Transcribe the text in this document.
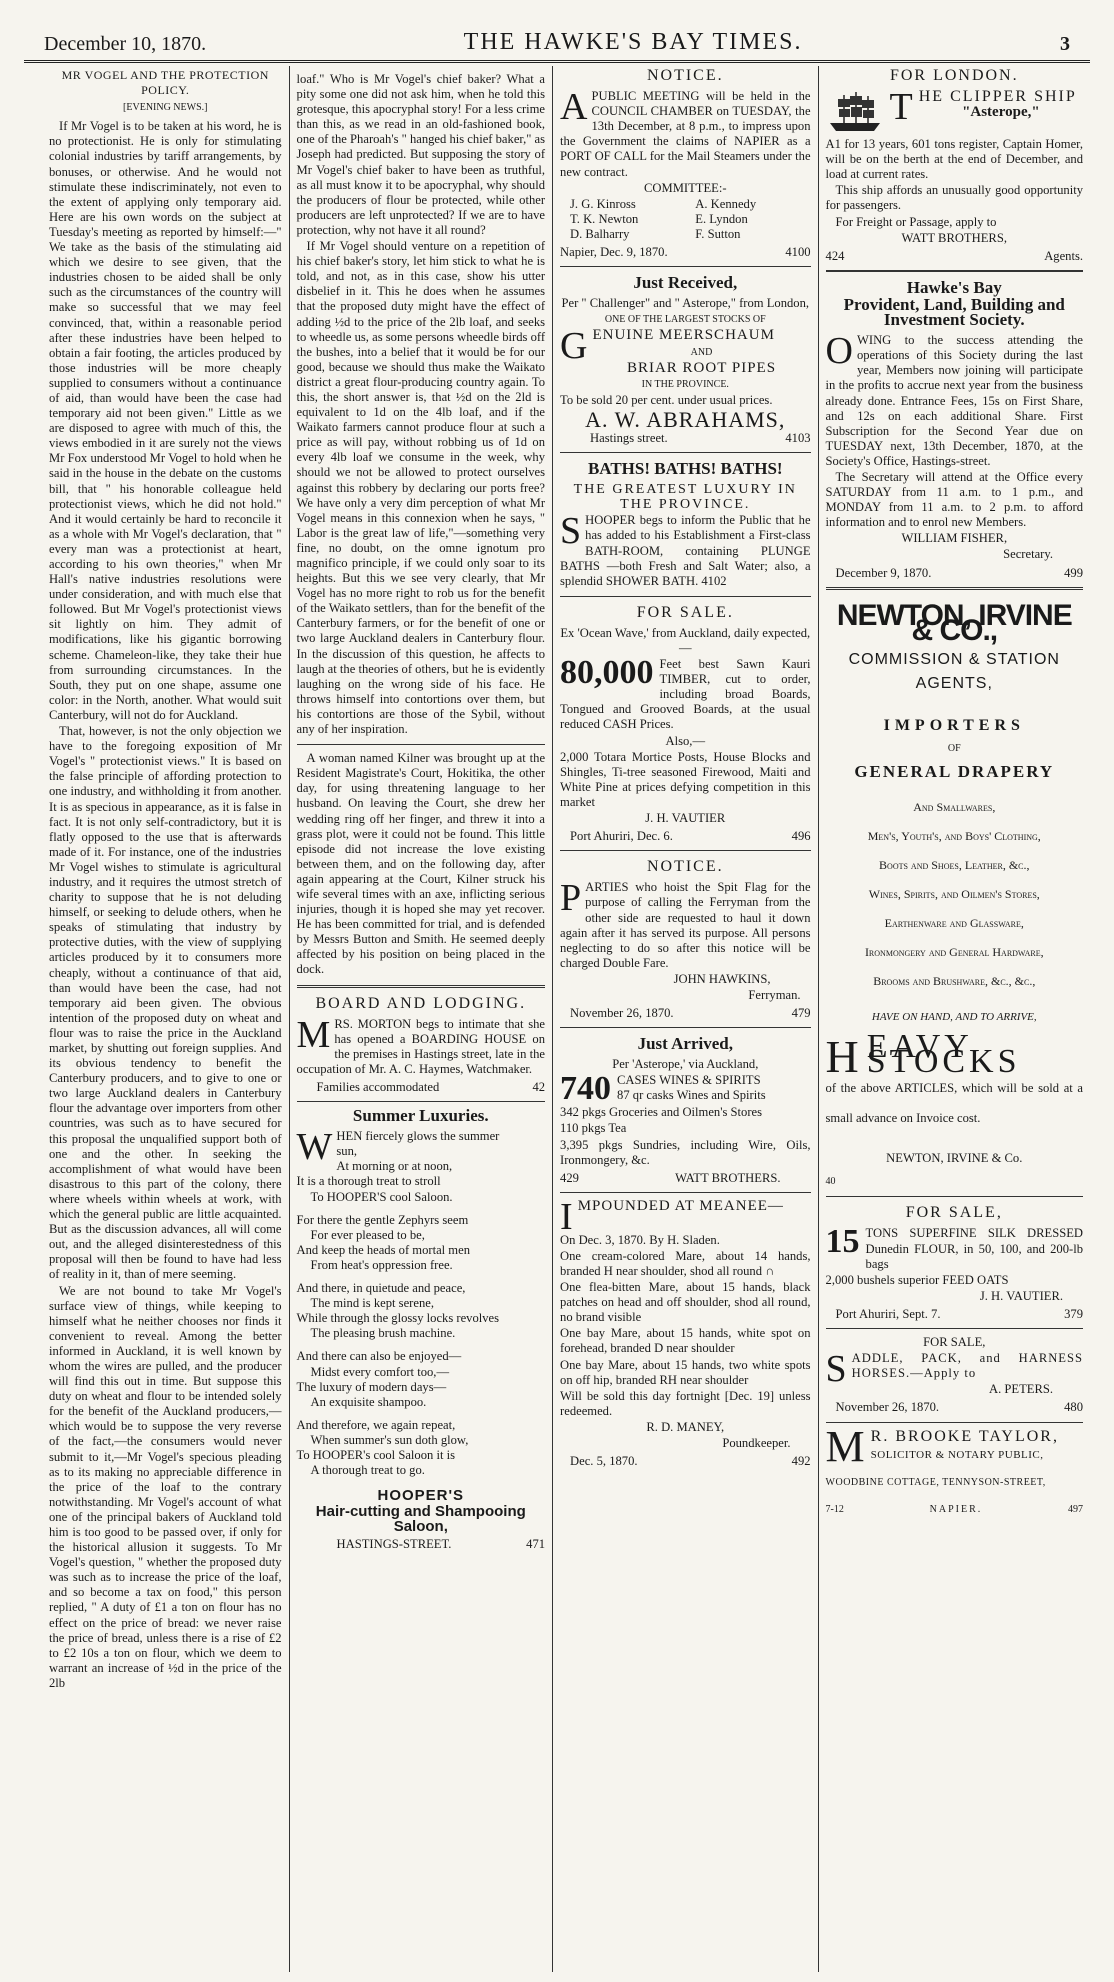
December 10, 1870.	THE HAWKE'S BAY TIMES.	3

MR VOGEL AND THE PROTECTION POLICY.

[EVENING NEWS.]

If Mr Vogel is to be taken at his word, he is no protectionist. He is only for stimulating colonial industries by tariff arrangements, by bonuses, or otherwise. And he would not stimulate these indiscriminately, not even to the extent of applying only temporary aid. Here are his own words on the subject at Tuesday's meeting as reported by himself:—" We take as the basis of the stimulating aid which we desire to see given, that the industries chosen to be aided shall be only such as the circumstances of the country will make so successful that we may feel convinced, that, within a reasonable period after these industries have been helped to obtain a fair footing, the articles produced by those industries will be more cheaply supplied to consumers without a continuance of aid, than would have been the case had temporary aid not been given." Little as we are disposed to agree with much of this, the views embodied in it are surely not the views Mr Fox understood Mr Vogel to hold when he said in the house in the debate on the customs bill, that " his honorable colleague held protectionist views, which he did not hold." And it would certainly be hard to reconcile it as a whole with Mr Vogel's declaration, that " every man was a protectionist at heart, according to his own theories," when Mr Hall's native industries resolutions were under consideration, and with much else that followed. But Mr Vogel's protectionist views sit lightly on him. They admit of modifications, like his gigantic borrowing scheme. Chameleon-like, they take their hue from surrounding circumstances. In the South, they put on one shape, assume one color: in the North, another. What would suit Canterbury, will not do for Auckland.

That, however, is not the only objection we have to the foregoing exposition of Mr Vogel's " protectionist views." It is based on the false principle of affording protection to one industry, and withholding it from another. It is as specious in appearance, as it is false in fact. It is not only self-contradictory, but it is flatly opposed to the use that is afterwards made of it. For instance, one of the industries Mr Vogel wishes to stimulate is agricultural industry, and it requires the utmost stretch of charity to suppose that he is not deluding himself, or seeking to delude others, when he speaks of stimulating that industry by protective duties, with the view of supplying articles produced by it to consumers more cheaply, without a continuance of that aid, than would have been the case, had not temporary aid been given. The obvious intention of the proposed duty on wheat and flour was to raise the price in the Auckland market, by shutting out foreign supplies. And its obvious tendency to benefit the Canterbury producers, and to give to one or two large Auckland dealers in Canterbury flour the advantage over importers from other countries, was such as to have secured for this proposal the unqualified support both of one and the other. In seeking the accomplishment of what would have been disastrous to this part of the colony, there where wheels within wheels at work, with which the general public are little acquainted. But as the discussion advances, all will come out, and the alleged disinterestedness of this proposal will then be found to have had less of reality in it, than of mere seeming.

We are not bound to take Mr Vogel's surface view of things, while keeping to himself what he neither chooses nor finds it convenient to reveal. Among the better informed in Auckland, it is well known by whom the wires are pulled, and the producer will find this out in time. But suppose this duty on wheat and flour to be intended solely for the benefit of the Auckland producers,—which would be to suppose the very reverse of the fact,—the consumers would never submit to it,—Mr Vogel's specious pleading as to its making no appreciable difference in the price of the loaf to the contrary notwithstanding. Mr Vogel's account of what one of the principal bakers of Auckland told him is too good to be passed over, if only for the historical allusion it suggests. To Mr Vogel's question, " whether the proposed duty was such as to increase the price of the loaf, and so become a tax on food," this person replied, " A duty of £1 a ton on flour has no effect on the price of bread: we never raise the price of bread, unless there is a rise of £2 to £2 10s a ton on flour, which we deem to warrant an increase of ½d in the price of the 2lb

loaf." Who is Mr Vogel's chief baker? What a pity some one did not ask him, when he told this grotesque, this apocryphal story! For a less crime than this, as we read in an old-fashioned book, one of the Pharoah's " hanged his chief baker," as Joseph had predicted. But supposing the story of Mr Vogel's chief baker to have been as truthful, as all must know it to be apocryphal, why should the producers of flour be protected, while other producers are left unprotected? If we are to have protection, why not have it all round?

If Mr Vogel should venture on a repetition of his chief baker's story, let him stick to what he is told, and not, as in this case, show his utter disbelief in it. This he does when he assumes that the proposed duty might have the effect of adding ½d to the price of the 2lb loaf, and seeks to wheedle us, as some persons wheedle birds off the bushes, into a belief that it would be for our good, because we should thus make the Waikato district a great flour-producing country again. To this, the short answer is, that ½d on the 2ld is equivalent to 1d on the 4lb loaf, and if the Waikato farmers cannot produce flour at such a price as will pay, without robbing us of 1d on every 4lb loaf we consume in the week, why should we not be allowed to protect ourselves against this robbery by declaring our ports free? We have only a very dim perception of what Mr Vogel means in this connexion when he says, " Labor is the great law of life,"—something very fine, no doubt, on the omne ignotum pro magnifico principle, if we could only soar to its heights. But this we see very clearly, that Mr Vogel has no more right to rob us for the benefit of the Waikato settlers, than for the benefit of the Canterbury farmers, or for the benefit of one or two large Auckland dealers in Canterbury flour. In the discussion of this question, he affects to laugh at the theories of others, but he is evidently laughing on the wrong side of his face. He throws himself into contortions over them, but his contortions are those of the Sybil, without any of her inspiration.

A woman named Kilner was brought up at the Resident Magistrate's Court, Hokitika, the other day, for using threatening language to her husband. On leaving the Court, she drew her wedding ring off her finger, and threw it into a grass plot, were it could not be found. This little episode did not increase the love existing between them, and on the following day, after again appearing at the Court, Kilner struck his wife several times with an axe, inflicting serious injuries, though it is hoped she may yet recover. He has been committed for trial, and is defended by Messrs Button and Smith. He seemed deeply affected by his position on being placed in the dock.

BOARD AND LODGING.

MRS. MORTON begs to intimate that she has opened a BOARDING HOUSE on the premises in Hastings street, late in the occupation of Mr. A. C. Haymes, Watchmaker.

Families accommodated	42

Summer Luxuries.

W HEN fiercely glows the summer

sun,

At morning or at noon,

It is a thorough treat to stroll

To HOOPER'S cool Saloon.

For there the gentle Zephyrs seem

For ever pleased to be,

And keep the heads of mortal men

From heat's oppression free.

And there, in quietude and peace,

The mind is kept serene,

While through the glossy locks revolves

The pleasing brush machine.

And there can also be enjoyed—

Midst every comfort too,—

The luxury of modern days—

An exquisite shampoo.

And therefore, we again repeat,

When summer's sun doth glow,

To HOOPER's cool Saloon it is

A thorough treat to go.

HOOPER'S

Hair-cutting and Shampooing Saloon,

HASTINGS-STREET.	471

NOTICE.

APUBLIC MEETING will be held in the COUNCIL CHAMBER on TUESDAY, the 13th December, at 8 p.m., to impress upon the Government the claims of NAPIER as a PORT OF CALL for the Mail Steamers under the new contract.

COMMITTEE:-

J. G. Kinross	A. Kennedy
T. K. Newton	E. Lyndon
D. Balharry	F. Sutton
Napier, Dec. 9, 1870.	4100

Just Received,

Per " Challenger" and " Asterope," from London,

ONE OF THE LARGEST STOCKS OF

GENUINE MEERSCHAUM

AND

BRIAR ROOT PIPES

IN THE PROVINCE.

To be sold 20 per cent. under usual prices.

A. W. ABRAHAMS,

Hastings street.	4103

BATHS! BATHS! BATHS!

THE GREATEST LUXURY IN THE PROVINCE.

SHOOPER begs to inform the Public that he has added to his Establishment a First-class BATH-ROOM, containing PLUNGE BATHS —both Fresh and Salt Water; also, a splendid SHOWER BATH. 4102

FOR SALE.

Ex 'Ocean Wave,' from Auckland, daily expected,—

80,000 Feet best Sawn Kauri TIMBER, cut to order, including broad Boards, Tongued and Grooved Boards, at the usual reduced CASH Prices.

Also,—

2,000 Totara Mortice Posts, House Blocks and Shingles, Ti-tree seasoned Firewood, Maiti and White Pine at prices defying competition in this market

J. H. VAUTIER

Port Ahuriri, Dec. 6.	496

NOTICE.

PARTIES who hoist the Spit Flag for the purpose of calling the Ferryman from the other side are requested to haul it down again after it has served its purpose. All persons neglecting to do so after this notice will be charged Double Fare.

JOHN HAWKINS,

Ferryman.

November 26, 1870.	479

Just Arrived,

Per 'Asterope,' via Auckland,

740 CASES WINES & SPIRITS
87 qr casks Wines and Spirits

342 pkgs Groceries and Oilmen's Stores

110 pkgs Tea

3,395 pkgs Sundries, including Wire, Oils, Ironmongery, &c.

429	WATT BROTHERS.

IMPOUNDED AT MEANEE—

On Dec. 3, 1870. By H. Sladen.

One cream-colored Mare, about 14 hands, branded H near shoulder, shod all round ∩

One flea-bitten Mare, about 15 hands, black patches on head and off shoulder, shod all round, no brand visible

One bay Mare, about 15 hands, white spot on forehead, branded D near shoulder

One bay Mare, about 15 hands, two white spots on off hip, branded RH near shoulder

Will be sold this day fortnight [Dec. 19] unless redeemed.

R. D. MANEY,

Poundkeeper.

Dec. 5, 1870.	492

FOR LONDON.

THE CLIPPER SHIP

"Asterope,"

A1 for 13 years, 601 tons register, Captain Homer, will be on the berth at the end of December, and load at current rates.

This ship affords an unusually good opportunity for passengers.

For Freight or Passage, apply to

WATT BROTHERS,

424	Agents.

Hawke's Bay

Provident, Land, Building and Investment Society.

OWING to the success attending the operations of this Society during the last year, Members now joining will participate in the profits to accrue next year from the business already done. Entrance Fees, 15s on First Share, and 12s on each additional Share. First Subscription for the Second Year due on TUESDAY next, 13th December, 1870, at the Society's Office, Hastings-street.

The Secretary will attend at the Office every SATURDAY from 11 a.m. to 1 p.m., and MONDAY from 11 a.m. to 2 p.m. to afford information and to enrol new Members.

WILLIAM FISHER,

Secretary.

December 9, 1870.	499
NEWTON, IRVINE & CO.,
COMMISSION & STATION
AGENTS,
IMPORTERS
OF
GENERAL DRAPERY
And Smallwares,
Men's, Youth's, and Boys' Clothing,
Boots and Shoes, Leather, &c.,
Wines, Spirits, and Oilmen's Stores,
Earthenware and Glassware,
Ironmongery and General Hardware,
Brooms and Brushware, &c., &c.,

HAVE ON HAND, AND TO ARRIVE,

H EAVY STOCKS

of the above ARTICLES, which will be sold at a small advance on Invoice cost.

NEWTON, IRVINE & Co.

40

FOR SALE,

15 TONS SUPERFINE SILK DRESSED Dunedin FLOUR, in 50, 100, and 200-lb bags

2,000 bushels superior FEED OATS

J. H. VAUTIER.

Port Ahuriri, Sept. 7.	379

FOR SALE,

SADDLE, PACK, and HARNESS HORSES.—Apply to

A. PETERS.

November 26, 1870.	480

M R. BROOKE TAYLOR,

SOLICITOR & NOTARY PUBLIC,

WOODBINE COTTAGE, TENNYSON-STREET,

7-12	NAPIER.	497
